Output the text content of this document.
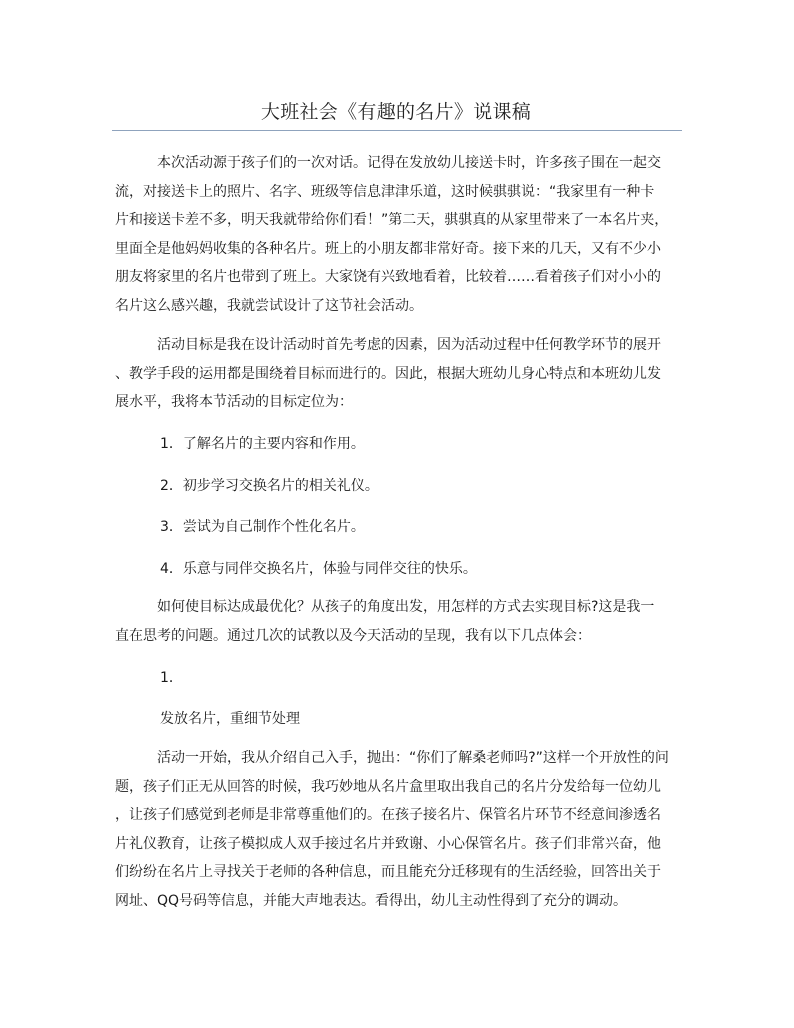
大班社会《有趣的名片》说课稿
　　　本次活动源于孩子们的一次对话。记得在发放幼儿接送卡时，许多孩子围在一起交
流，对接送卡上的照片、名字、班级等信息津津乐道，这时候骐骐说：“我家里有一种卡
片和接送卡差不多，明天我就带给你们看！”第二天，骐骐真的从家里带来了一本名片夹，
里面全是他妈妈收集的各种名片。班上的小朋友都非常好奇。接下来的几天，又有不少小
朋友将家里的名片也带到了班上。大家饶有兴致地看着，比较着……看着孩子们对小小的
名片这么感兴趣，我就尝试设计了这节社会活动。
　　　活动目标是我在设计活动时首先考虑的因素，因为活动过程中任何教学环节的展开
、教学手段的运用都是围绕着目标而进行的。因此，根据大班幼儿身心特点和本班幼儿发
展水平，我将本节活动的目标定位为：
1．了解名片的主要内容和作用。
2．初步学习交换名片的相关礼仪。
3．尝试为自己制作个性化名片。
4．乐意与同伴交换名片，体验与同伴交往的快乐。
　　　如何使目标达成最优化？从孩子的角度出发，用怎样的方式去实现目标?这是我一
直在思考的问题。通过几次的试教以及今天活动的呈现，我有以下几点体会：
1．
发放名片，重细节处理
　　　活动一开始，我从介绍自己入手，抛出：“你们了解桑老师吗?”这样一个开放性的问
题，孩子们正无从回答的时候，我巧妙地从名片盒里取出我自己的名片分发给每一位幼儿
，让孩子们感觉到老师是非常尊重他们的。在孩子接名片、保管名片环节不经意间渗透名
片礼仪教育，让孩子模拟成人双手接过名片并致谢、小心保管名片。孩子们非常兴奋，他
们纷纷在名片上寻找关于老师的各种信息，而且能充分迁移现有的生活经验，回答出关于
网址、QQ号码等信息，并能大声地表达。看得出，幼儿主动性得到了充分的调动。
